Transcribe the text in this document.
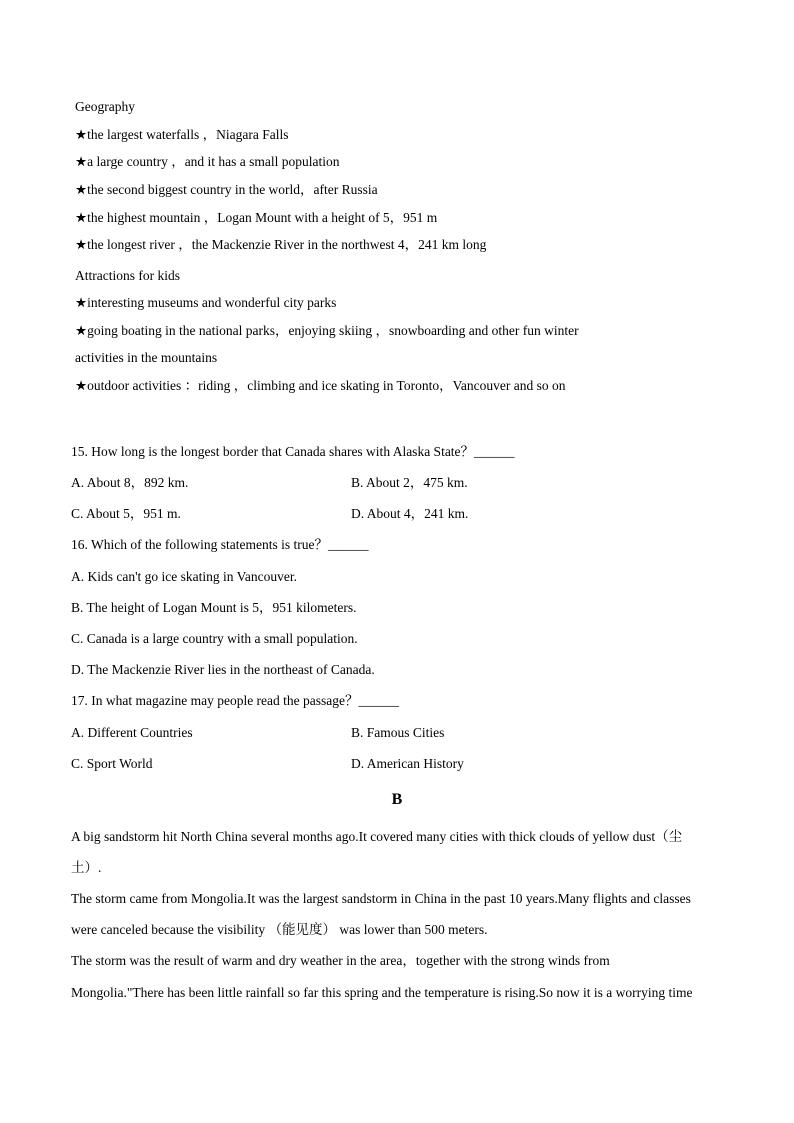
Geography
★the largest waterfalls ，Niagara Falls
★a large country ，and it has a small population
★the second biggest country in the world，after Russia
★the highest mountain ，Logan Mount with a height of 5，951 m
★the longest river ，the Mackenzie River in the northwest 4，241 km long
Attractions for kids
★interesting museums and wonderful city parks
★going boating in the national parks，enjoying skiing ，snowboarding and other fun winter
activities in the mountains
★outdoor activities ：riding ，climbing and ice skating in Toronto，Vancouver and so on
15. How long is the longest border that Canada shares with Alaska State？______
A. About 8，892 km.	B. About 2，475 km.
C. About 5，951 m.	D. About 4，241 km.
16. Which of the following statements is true？______
A. Kids can't go ice skating in Vancouver.
B. The height of Logan Mount is 5，951 kilometers.
C. Canada is a large country with a small population.
D. The Mackenzie River lies in the northeast of Canada.
17. In what magazine may people read the passage？______
A. Different Countries	B. Famous Cities
C. Sport World	D. American History
B
A big sandstorm hit North China several months ago.It covered many cities with thick clouds of yellow dust（尘
土）.
The storm came from Mongolia.It was the largest sandstorm in China in the past 10 years.Many flights and classes
were canceled because the visibility （能见度） was lower than 500 meters.
The storm was the result of warm and dry weather in the area，together with the strong winds from
Mongolia."There has been little rainfall so far this spring and the temperature is rising.So now it is a worrying time
